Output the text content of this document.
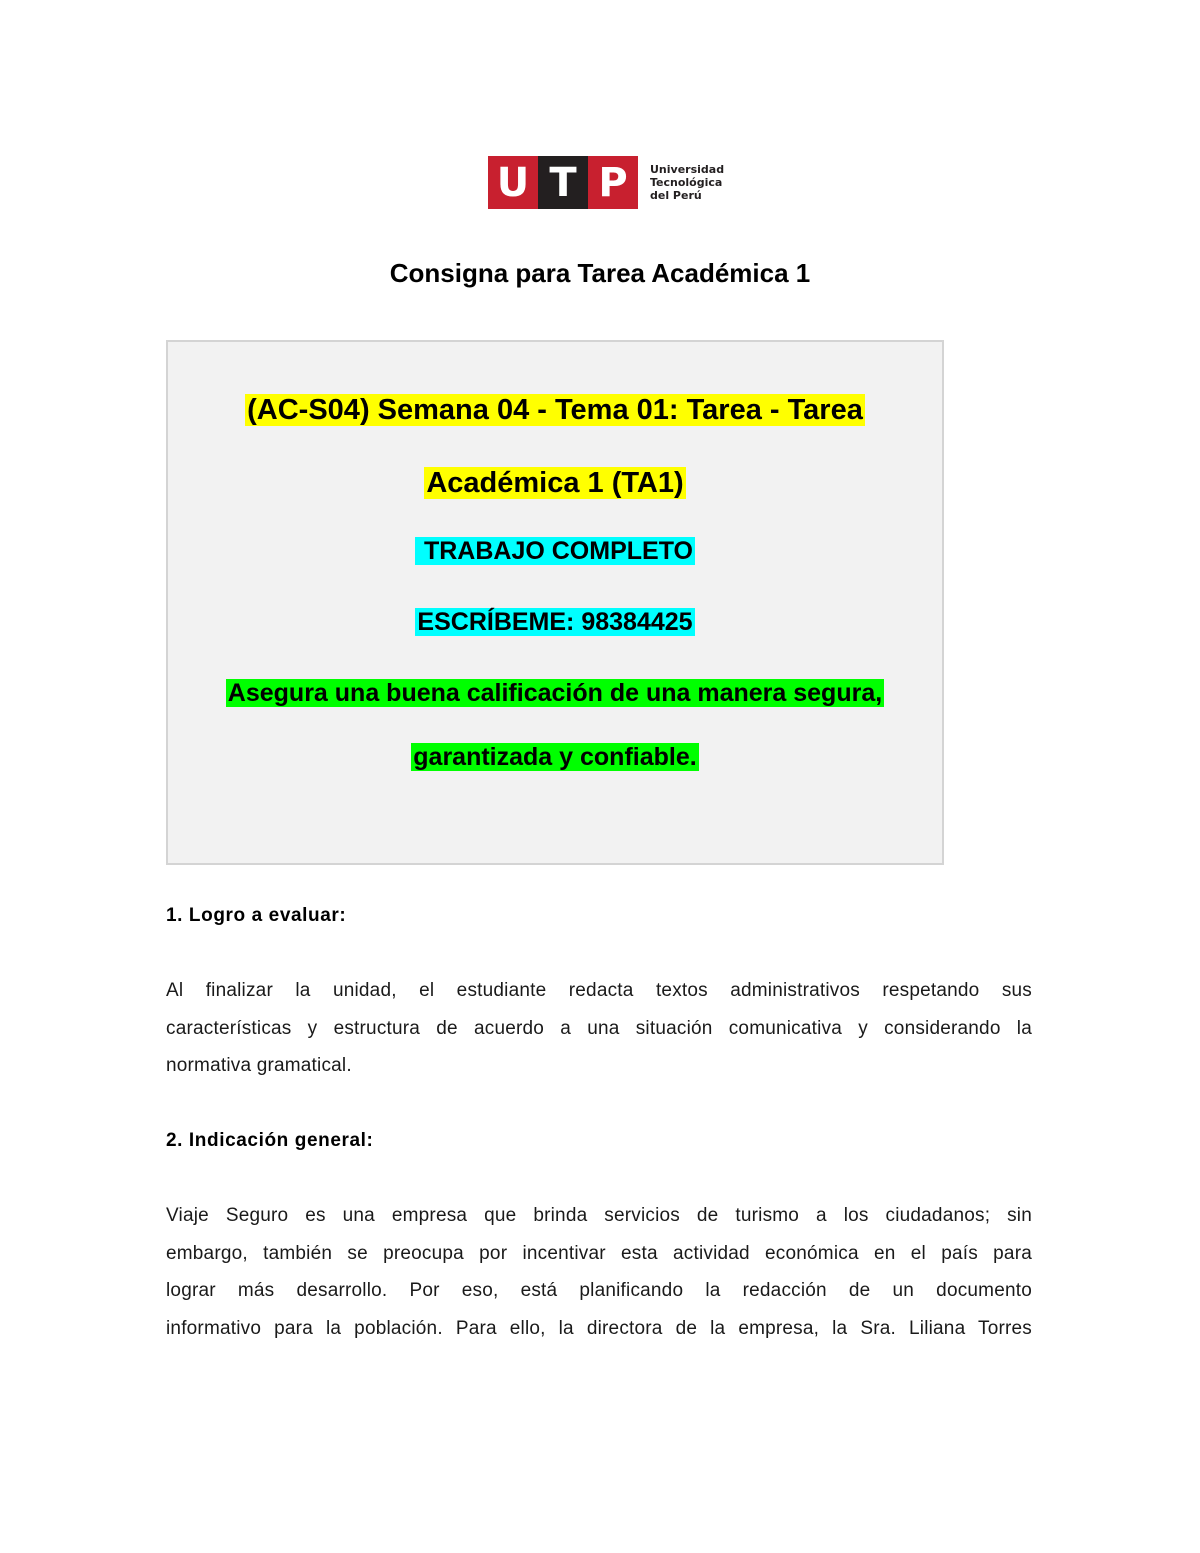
U T P	Universidad
Tecnológica
del Perú
Consigna para Tarea Académica 1
(AC-S04) Semana 04 - Tema 01: Tarea - Tarea
Académica 1 (TA1)
TRABAJO COMPLETO
ESCRÍBEME: 98384425
Asegura una buena calificación de una manera segura,
garantizada y confiable.
1. Logro a evaluar:
Al finalizar la unidad, el estudiante redacta textos administrativos respetando sus
características y estructura de acuerdo a una situación comunicativa y considerando la
normativa gramatical.
2. Indicación general:
Viaje Seguro es una empresa que brinda servicios de turismo a los ciudadanos; sin
embargo, también se preocupa por incentivar esta actividad económica en el país para
lograr más desarrollo. Por eso, está planificando la redacción de un documento
informativo para la población. Para ello, la directora de la empresa, la Sra. Liliana Torres
